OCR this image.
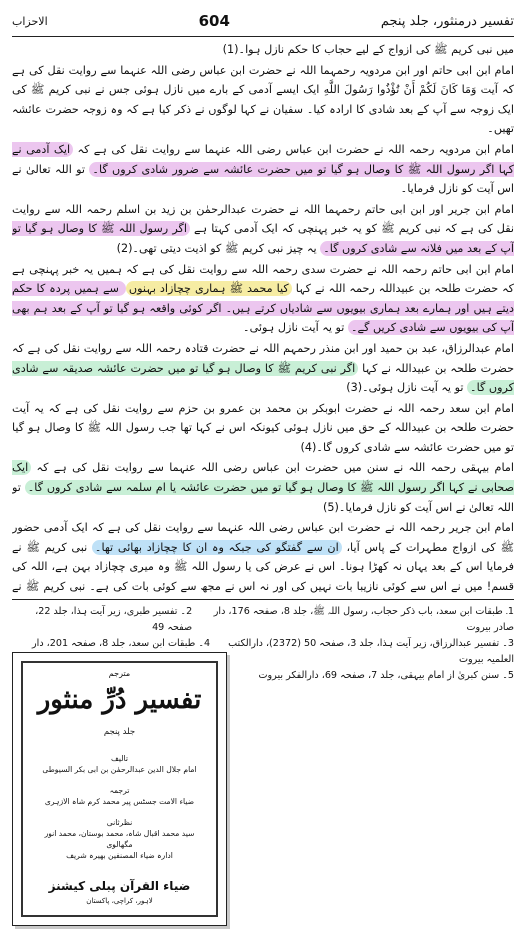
تفسیر درمنثور، جلد پنجم
604
الاحزاب

میں نبی کریم ﷺ کی ازواج کے لیے حجاب کا حکم نازل ہوا۔(1)

امام ابن ابی حاتم اور ابن مردویہ رحمہما اللہ نے حضرت ابن عباس رضی اللہ عنہما سے روایت نقل کی ہے کہ آیت وَمَا كَانَ لَكُمْ أَنْ تُؤْذُوا رَسُولَ اللَّهِ ایک ایسے آدمی کے بارے میں نازل ہوئی جس نے نبی کریم ﷺ کی ایک زوجہ سے آپ کے بعد شادی کا ارادہ کیا۔ سفیان نے کہا لوگوں نے ذکر کیا ہے کہ وہ زوجہ حضرت عائشہ تھیں۔

امام ابن مردویہ رحمہ اللہ نے حضرت ابن عباس رضی اللہ عنہما سے روایت نقل کی ہے کہ ایک آدمی نے کہا اگر رسول اللہ ﷺ کا وصال ہو گیا تو میں حضرت عائشہ سے ضرور شادی کروں گا۔ تو اللہ تعالیٰ نے اس آیت کو نازل فرمایا۔

امام ابن جریر اور ابن ابی حاتم رحمہما اللہ نے حضرت عبدالرحمٰن بن زید بن اسلم رحمہ اللہ سے روایت نقل کی ہے کہ نبی کریم ﷺ کو یہ خبر پہنچی کہ ایک آدمی کہتا ہے اگر رسول اللہ ﷺ کا وصال ہو گیا تو آپ کے بعد میں فلانہ سے شادی کروں گا۔ یہ چیز نبی کریم ﷺ کو اذیت دیتی تھی۔(2)

امام ابن ابی حاتم رحمہ اللہ نے حضرت سدی رحمہ اللہ سے روایت نقل کی ہے کہ ہمیں یہ خبر پہنچی ہے کہ حضرت طلحہ بن عبیداللہ رحمہ اللہ نے کہا کیا محمد ﷺ ہماری چچازاد بہنوں سے ہمیں پردہ کا حکم دیتے ہیں اور ہمارے بعد ہماری بیویوں سے شادیاں کرتے ہیں۔ اگر کوئی واقعہ ہو گیا تو آپ کے بعد ہم بھی آپ کی بیویوں سے شادی کریں گے۔ تو یہ آیت نازل ہوئی۔

امام عبدالرزاق، عبد بن حمید اور ابن منذر رحمہم اللہ نے حضرت قتادہ رحمہ اللہ سے روایت نقل کی ہے کہ حضرت طلحہ بن عبیداللہ نے کہا اگر نبی کریم ﷺ کا وصال ہو گیا تو میں حضرت عائشہ صدیقہ سے شادی کروں گا۔ تو یہ آیت نازل ہوئی۔(3)

امام ابن سعد رحمہ اللہ نے حضرت ابوبکر بن محمد بن عمرو بن حزم سے روایت نقل کی ہے کہ یہ آیت حضرت طلحہ بن عبیداللہ کے حق میں نازل ہوئی کیونکہ اس نے کہا تھا جب رسول اللہ ﷺ کا وصال ہو گیا تو میں حضرت عائشہ سے شادی کروں گا۔(4)

امام بیہقی رحمہ اللہ نے سنن میں حضرت ابن عباس رضی اللہ عنہما سے روایت نقل کی ہے کہ ایک صحابی نے کہا اگر رسول اللہ ﷺ کا وصال ہو گیا تو میں حضرت عائشہ یا ام سلمہ سے شادی کروں گا۔ تو اللہ تعالیٰ نے اس آیت کو نازل فرمایا۔(5)

امام ابن جریر رحمہ اللہ نے حضرت ابن عباس رضی اللہ عنہما سے روایت نقل کی ہے کہ ایک آدمی حضور ﷺ کی ازواج مطہرات کے پاس آیا، ان سے گفتگو کی جبکہ وہ ان کا چچازاد بھائی تھا۔ نبی کریم ﷺ نے فرمایا اس کے بعد یہاں نہ کھڑا ہونا۔ اس نے عرض کی یا رسول اللہ ﷺ وہ میری چچازاد بہن ہے، اللہ کی قسم! میں نے اس سے کوئی نازیبا بات نہیں کی اور نہ اس نے مجھ سے کوئی بات کی ہے۔ نبی کریم ﷺ نے

1۔ طبقات ابن سعد، باب ذکر حجاب، رسول اللہ ﷺ، جلد 8، صفحہ 176، دار صادر بیروت
2۔ تفسیر طبری، زیر آیت ہذا، جلد 22، صفحہ 49
3۔ تفسیر عبدالرزاق، زیر آیت ہذا، جلد 3، صفحہ 50 (2372)، دارالکتب العلمیہ بیروت
4۔ طبقات ابن سعد، جلد 8، صفحہ 201، دار
5۔ سنن کبریٰ از امام بیہقی، جلد 7، صفحہ 69، دارالفکر بیروت
مترجم
تفسیر دُرِّ منثور
جلد پنجم
تالیف
امام جلال الدین عبدالرحمٰن بن ابی بکر السیوطی
ترجمہ
ضیاء الامت جسٹس پیر محمد کرم شاہ الازہری
نظرثانی
سید محمد اقبال شاہ، محمد بوستان، محمد انور مگھالوی
ادارہ ضیاء المصنفین بھیرہ شریف
ضیاء القرآن پبلی کیشنز
لاہور، کراچی، پاکستان
